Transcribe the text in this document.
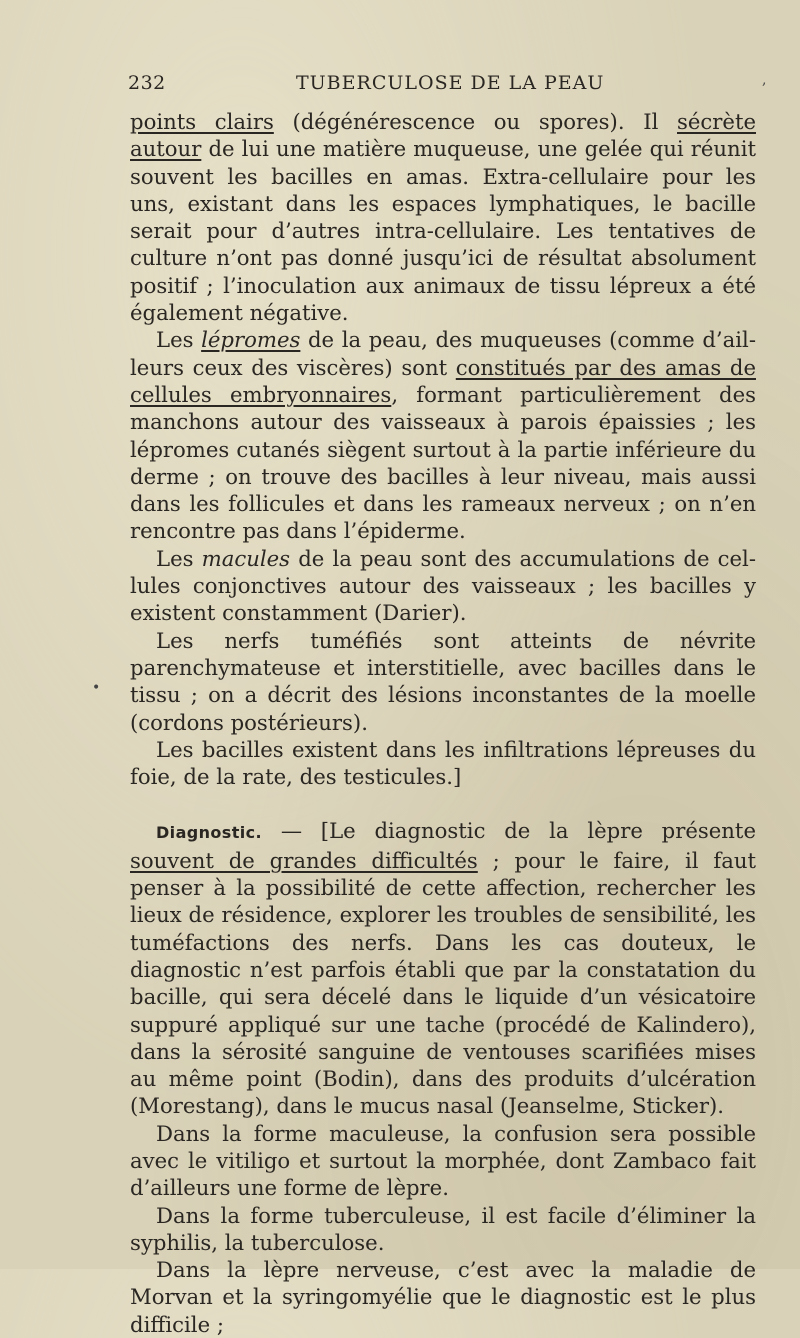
232	TUBERCULOSE DE LA PEAU	,
•

points clairs (dégénérescence ou spores). Il sécrète autour de lui une matière muqueuse, une gelée qui réunit souvent les bacilles en amas. Extra-cellulaire pour les uns, existant dans les espaces lymphatiques, le bacille serait pour d’autres intra-cellulaire. Les tentatives de culture n’ont pas donné jusqu’ici de résultat absolument positif ; l’inoculation aux animaux de tissu lépreux a été également négative.

Les lépromes de la peau, des muqueuses (comme d’ailleurs ceux des viscères) sont constitués par des amas de cellules embryonnaires, formant particulièrement des manchons autour des vaisseaux à parois épaissies ; les lépromes cutanés siègent surtout à la partie inférieure du derme ; on trouve des bacilles à leur niveau, mais aussi dans les follicules et dans les rameaux nerveux ; on n’en rencontre pas dans l’épiderme.

Les macules de la peau sont des accumulations de cellules conjonctives autour des vaisseaux ; les bacilles y existent constamment (Darier).

Les nerfs tuméfiés sont atteints de névrite parenchymateuse et interstitielle, avec bacilles dans le tissu ; on a décrit des lésions inconstantes de la moelle (cordons postérieurs).

Les bacilles existent dans les infiltrations lépreuses du foie, de la rate, des testicules.]

Diagnostic. — [Le diagnostic de la lèpre présente souvent de grandes difficultés ; pour le faire, il faut penser à la possibilité de cette affection, rechercher les lieux de résidence, explorer les troubles de sensibilité, les tuméfactions des nerfs. Dans les cas douteux, le diagnostic n’est parfois établi que par la constatation du bacille, qui sera décelé dans le liquide d’un vésicatoire suppuré appliqué sur une tache (procédé de Kalindero), dans la sérosité sanguine de ventouses scarifiées mises au même point (Bodin), dans des produits d’ulcération (Morestang), dans le mucus nasal (Jeanselme, Sticker).

Dans la forme maculeuse, la confusion sera possible avec le vitiligo et surtout la morphée, dont Zambaco fait d’ailleurs une forme de lèpre.

Dans la forme tuberculeuse, il est facile d’éliminer la syphilis, la tuberculose.

Dans la lèpre nerveuse, c’est avec la maladie de Morvan et la syringomyélie que le diagnostic est le plus difficile ;
